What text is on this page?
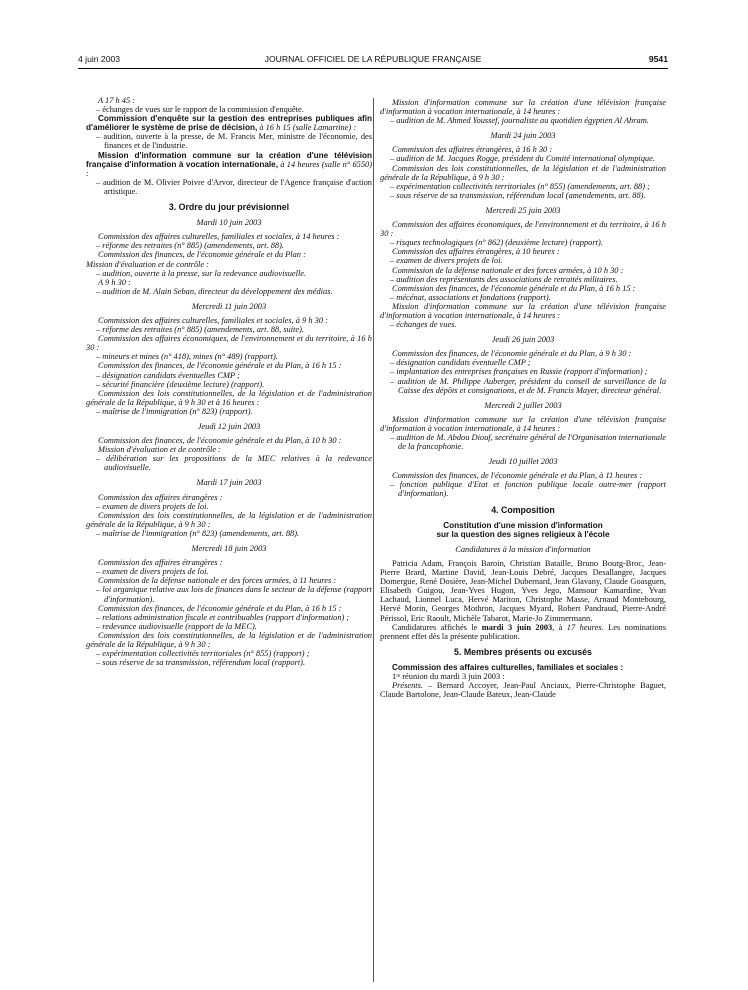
4 juin 2003	JOURNAL OFFICIEL DE LA RÉPUBLIQUE FRANÇAISE	9541

A 17 h 45 :

– échanges de vues sur le rapport de la commission d'enquête.

Commission d'enquête sur la gestion des entreprises publiques afin d'améliorer le système de prise de décision, à 16 h 15 (salle Lamartine) :

– audition, ouverte à la presse, de M. Francis Mer, ministre de l'économie, des finances et de l'industrie.

Mission d'information commune sur la création d'une télévision française d'information à vocation internationale, à 14 heures (salle n° 6550) :

– audition de M. Olivier Poivre d'Arvor, directeur de l'Agence française d'action artistique.

3. Ordre du jour prévisionnel

Mardi 10 juin 2003

Commission des affaires culturelles, familiales et sociales, à 14 heures :

– réforme des retraites (n° 885) (amendements, art. 88).

Commission des finances, de l'économie générale et du Plan :

Mission d'évaluation et de contrôle :

– audition, ouverte à la presse, sur la redevance audiovisuelle.

A 9 h 30 :

– audition de M. Alain Seban, directeur du développement des médias.

Mercredi 11 juin 2003

Commission des affaires culturelles, familiales et sociales, à 9 h 30 :

– réforme des retraites (n° 885) (amendements, art. 88, suite).

Commission des affaires économiques, de l'environnement et du territoire, à 16 h 30 :

– mineurs et mines (n° 418), mines (n° 489) (rapport).

Commission des finances, de l'économie générale et du Plan, à 16 h 15 :

– désignation candidats éventuelles CMP ;

– sécurité financière (deuxième lecture) (rapport).

Commission des lois constitutionnelles, de la législation et de l'administration générale de la République, à 9 h 30 et à 16 heures :

– maîtrise de l'immigration (n° 823) (rapport).

Jeudi 12 juin 2003

Commission des finances, de l'économie générale et du Plan, à 10 h 30 :

Mission d'évaluation et de contrôle :

– délibération sur les propositions de la MEC relatives à la redevance audiovisuelle.

Mardi 17 juin 2003

Commission des affaires étrangères :

– examen de divers projets de loi.

Commission des lois constitutionnelles, de la législation et de l'administration générale de la République, à 9 h 30 :

– maîtrise de l'immigration (n° 823) (amendements, art. 88).

Mercredi 18 juin 2003

Commission des affaires étrangères :

– examen de divers projets de loi.

Commission de la défense nationale et des forces armées, à 11 heures :

– loi organique relative aux lois de finances dans le secteur de la défense (rapport d'information).

Commission des finances, de l'économie générale et du Plan, à 16 h 15 :

– relations administration fiscale et contribuables (rapport d'information) ;

– redevance audiovisuelle (rapport de la MEC).

Commission des lois constitutionnelles, de la législation et de l'administration générale de la République, à 9 h 30 :

– expérimentation collectivités territoriales (n° 855) (rapport) ;

– sous réserve de sa transmission, référendum local (rapport).

Mission d'information commune sur la création d'une télévision française d'information à vocation internationale, à 14 heures :

– audition de M. Ahmed Youssef, journaliste au quotidien égyptien Al Ahram.

Mardi 24 juin 2003

Commission des affaires étrangères, à 16 h 30 :

– audition de M. Jacques Rogge, président du Comité international olympique.

Commission des lois constitutionnelles, de la législation et de l'administration générale de la République, à 9 h 30 :

– expérimentation collectivités territoriales (n° 855) (amendements, art. 88) ;

– sous réserve de sa transmission, référendum local (amendements, art. 88).

Mercredi 25 juin 2003

Commission des affaires économiques, de l'environnement et du territoire, à 16 h 30 :

– risques technologiques (n° 862) (deuxième lecture) (rapport).

Commission des affaires étrangères, à 10 heures :

– examen de divers projets de loi.

Commission de la défense nationale et des forces armées, à 10 h 30 :

– audition des représentants des associations de retraités militaires.

Commission des finances, de l'économie générale et du Plan, à 16 h 15 :

– mécénat, associations et fondations (rapport).

Mission d'information commune sur la création d'une télévision française d'information à vocation internationale, à 14 heures :

– échanges de vues.

Jeudi 26 juin 2003

Commission des finances, de l'économie générale et du Plan, à 9 h 30 :

– désignation candidats éventuelle CMP ;

– implantation des entreprises françaises en Russie (rapport d'information) ;

– audition de M. Philippe Auberger, président du conseil de surveillance de la Caisse des dépôts et consignations, et de M. Francis Mayer, directeur général.

Mercredi 2 juillet 2003

Mission d'information commune sur la création d'une télévision française d'information à vocation internationale, à 14 heures :

– audition de M. Abdou Diouf, secrétaire général de l'Organisation internationale de la francophonie.

Jeudi 10 juillet 2003

Commission des finances, de l'économie générale et du Plan, à 11 heures :

– fonction publique d'Etat et fonction publique locale outre-mer (rapport d'information).

4. Composition

Constitution d'une mission d'information

sur la question des signes religieux à l'école

Candidatures à la mission d'information

Patricia Adam, François Baroin, Christian Bataille, Bruno Bourg-Broc, Jean-Pierre Brard, Martine David, Jean-Louis Debré, Jacques Desallangre, Jacques Domergue, René Dosière, Jean-Michel Dubernard, Jean Glavany, Claude Goasguen, Elisabeth Guigou, Jean-Yves Hugon, Yves Jego, Mansour Kamardine, Yvan Lachaud, Lionnel Luca, Hervé Mariton, Christophe Masse, Arnaud Montebourg, Hervé Morin, Georges Mothron, Jacques Myard, Robert Pandraud, Pierre-André Périssol, Eric Raoult, Michèle Tabarot, Marie-Jo Zimmermann.

Candidatures affichés le mardi 3 juin 2003, à 17 heures. Les nominations prennent effet dès la présente publication.

5. Membres présents ou excusés

Commission des affaires culturelles, familiales et sociales :

1ʳᵉ réunion du mardi 3 juin 2003 :

Présents. – Bernard Accoyer, Jean-Paul Anciaux, Pierre-Christophe Baguet, Claude Bartolone, Jean-Claude Bateux, Jean-Claude
